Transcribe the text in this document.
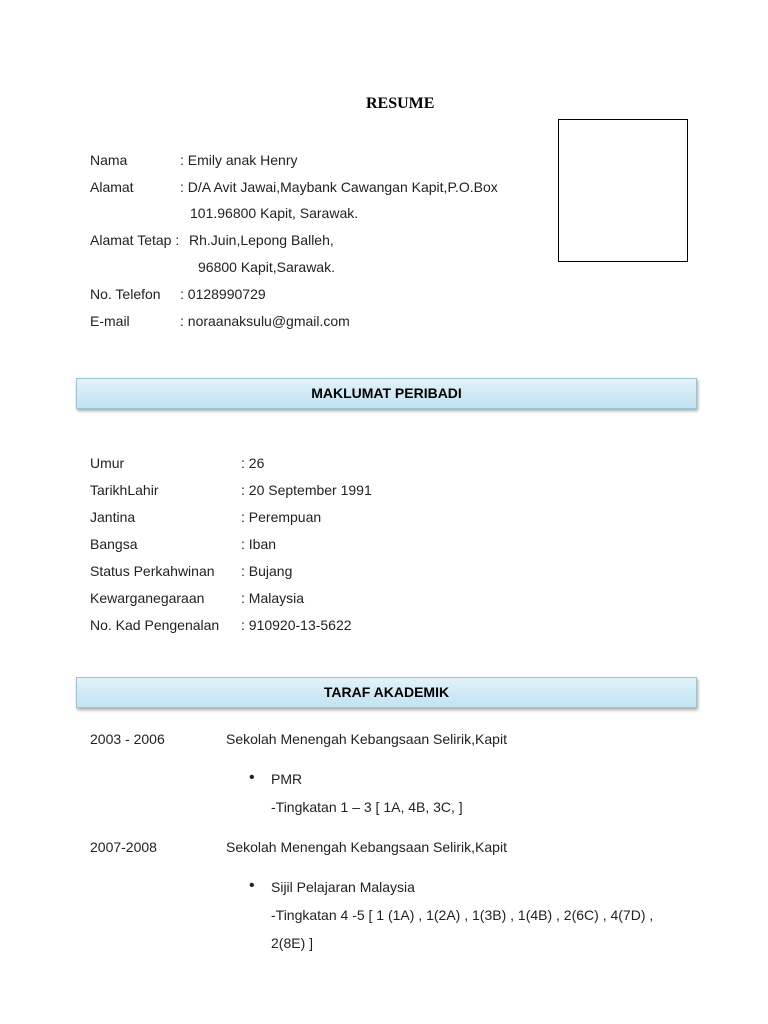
RESUME
Nama	: Emily anak Henry
Alamat	: D/A Avit Jawai,Maybank Cawangan Kapit,P.O.Box
101.96800 Kapit, Sarawak.
Alamat Tetap : Rh.Juin,Lepong Balleh,
96800 Kapit,Sarawak.
No. Telefon : 0128990729
E-mail	: noraanaksulu@gmail.com
MAKLUMAT PERIBADI
Umur	: 26
TarikhLahir	: 20 September 1991
Jantina	: Perempuan
Bangsa	: Iban
Status Perkahwinan : Bujang
Kewarganegaraan	: Malaysia
No. Kad Pengenalan : 910920-13-5622
TARAF AKADEMIK
2003 - 2006	Sekolah Menengah Kebangsaan Selirik,Kapit
• PMR
-Tingkatan 1 – 3 [ 1A, 4B, 3C, ]
2007-2008	Sekolah Menengah Kebangsaan Selirik,Kapit
• Sijil Pelajaran Malaysia
-Tingkatan 4 -5 [ 1 (1A) , 1(2A) , 1(3B) , 1(4B) , 2(6C) , 4(7D) ,
2(8E) ]
